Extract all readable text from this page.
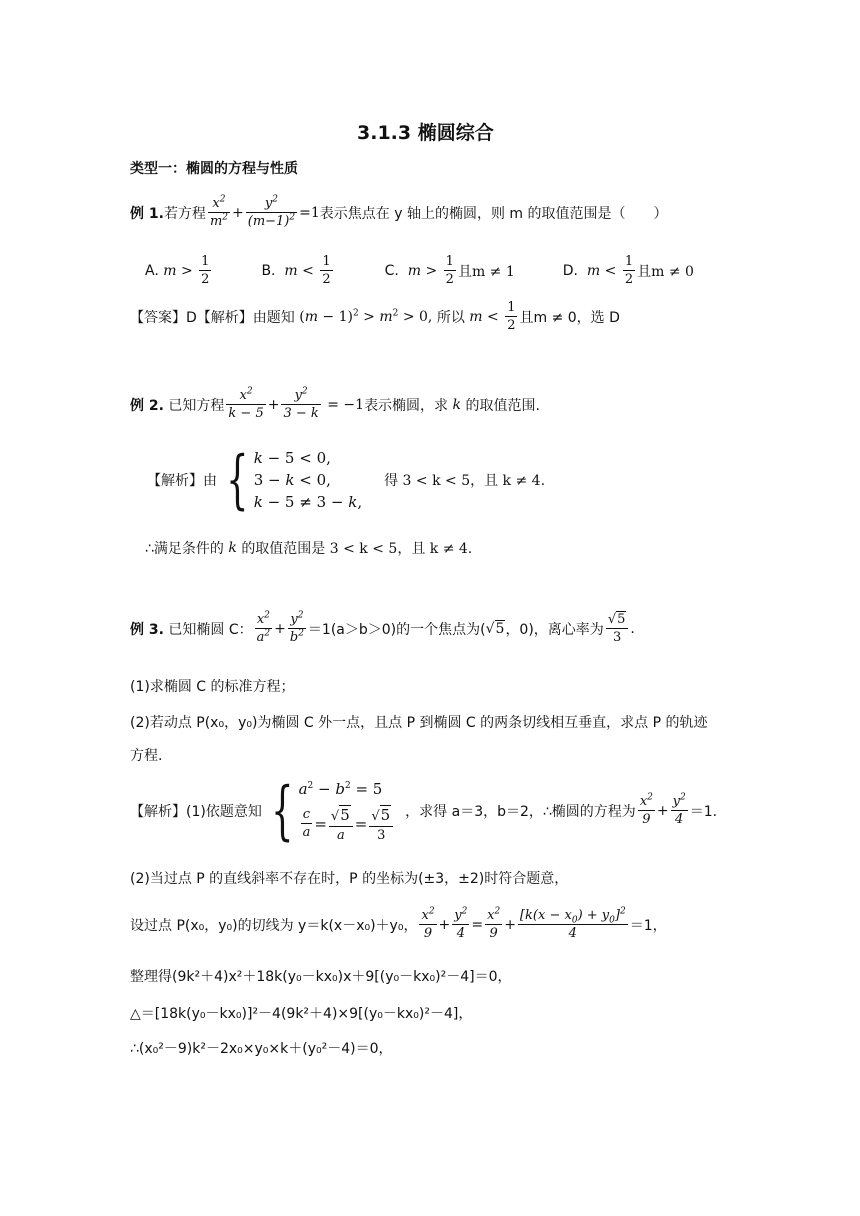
3.1.3 椭圆综合
类型一：椭圆的方程与性质
例 1. 若方程 $\frac{x^2}{m^2} + \frac{y^2}{(m-1)^2} =1$ 表示焦点在 y 轴上的椭圆，则 m 的取值范围是（　　）
A. $m > \frac{1}{2}$	B. $m < \frac{1}{2}$	C. $m > \frac{1}{2}$ 且m ≠ 1	D. $m < \frac{1}{2}$ 且m ≠ 0
【答案】D【解析】由题知 $(m - 1)^2 > m^2 > 0$, 所以 $m < \frac{1}{2}$ 且m ≠ 0，选 D
例 2.
已知方程 $\frac{x^2}{k - 5} + \frac{y^2}{3 - k} = -1$ 表示椭圆，求 k 的取值范围.
【解析】由 { k − 5 < 0,
3 − k < 0,
k − 5 ≠ 3 − k,
得 3 < k < 5，且 k ≠ 4.
∴满足条件的 k 的取值范围是 3 < k < 5，且 k ≠ 4.
例 3.
已知椭圆 C： $\frac{x^2}{a^2} + \frac{y^2}{b^2} =1(a>b>0)$的一个焦点为( √5 ，0)，离心率为 $\frac{√5}{3}$ .
(1)求椭圆 C 的标准方程；
(2)若动点 P(x₀，y₀)为椭圆 C 外一点，且点 P 到椭圆 C 的两条切线相互垂直，求点 P 的轨迹
方程.
【解析】(1)依题意知 { $a^2 - b^2 = 5$
$\frac{c}{a} = \frac{√5}{a} = \frac{√5}{3}$ ，求得 a＝3，b＝2，∴椭圆的方程为 $\frac{x^2}{9} + \frac{y^2}{4} =1$.
(2)当过点 P 的直线斜率不存在时，P 的坐标为(±3，±2)时符合题意，
设过点 P(x₀，y₀)的切线为 y＝k(x－x₀)＋y₀， $\frac{x^2}{9} + \frac{y^2}{4} = \frac{x^2}{9} + \frac{[k(x - x_0) + y_0]^2}{4} =1$，
整理得(9k²＋4)x²＋18k(y₀－kx₀)x＋9[(y₀－kx₀)²－4]＝0，
△＝[18k(y₀－kx₀)]²－4(9k²＋4)×9[(y₀－kx₀)²－4]，
∴(x₀²－9)k²－2x₀×y₀×k＋(y₀²－4)＝0，
